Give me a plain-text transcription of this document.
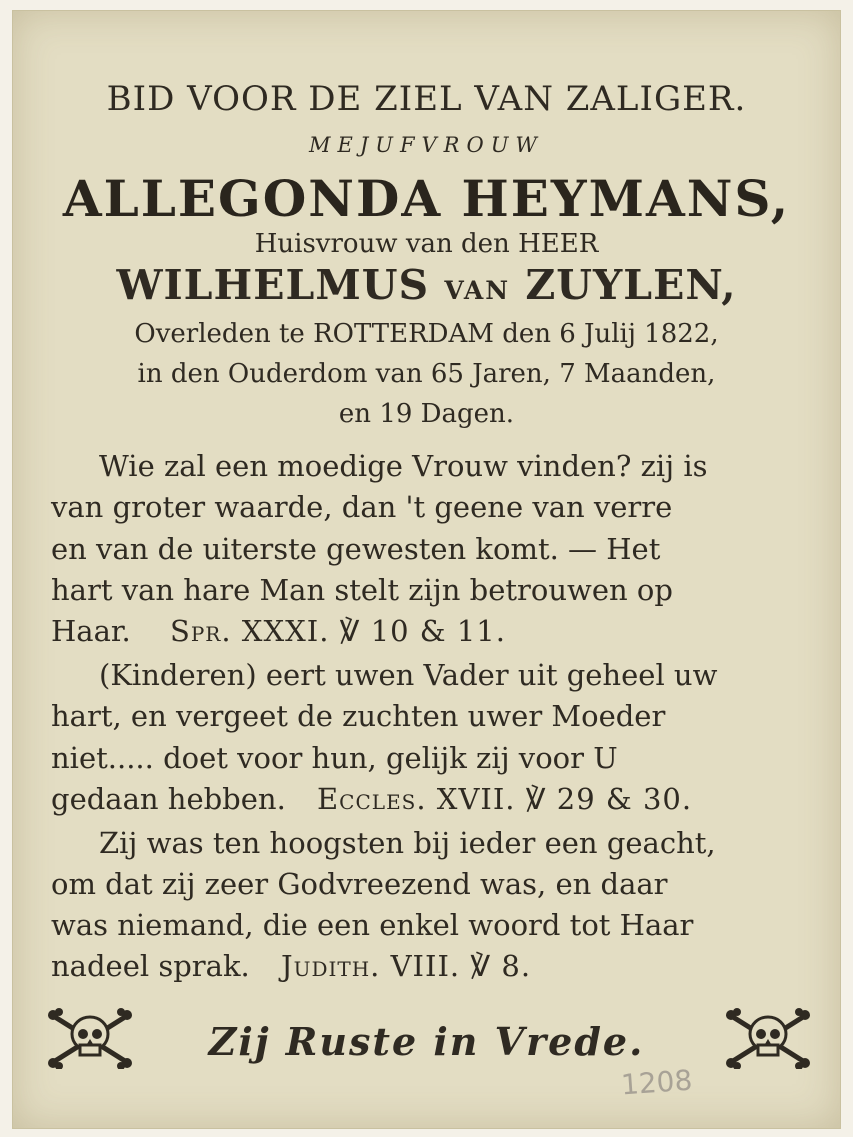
BID VOOR DE ZIEL VAN ZALIGER.
MEJUFVROUW
ALLEGONDA HEYMANS,
Huisvrouw van den HEER
WILHELMUS VAN ZUYLEN,
Overleden te ROTTERDAM den 6 Julij 1822,
in den Ouderdom van 65 Jaren, 7 Maanden,
en 19 Dagen.
Wie zal een moedige Vrouw vinden? zij is
van groter waarde, dan 't geene van verre
en van de uiterste gewesten komt. — Het
hart van hare Man stelt zijn betrouwen op
Haar. Spr. XXXI. ℣ 10 & 11.
(Kinderen) eert uwen Vader uit geheel uw
hart, en vergeet de zuchten uwer Moeder
niet..... doet voor hun, gelijk zij voor U
gedaan hebben. Eccles. XVII. ℣ 29 & 30.
Zij was ten hoogsten bij ieder een geacht,
om dat zij zeer Godvreezend was, en daar
was niemand, die een enkel woord tot Haar
nadeel sprak. Judith. VIII. ℣ 8.
Zij Ruste in Vrede.
1208
